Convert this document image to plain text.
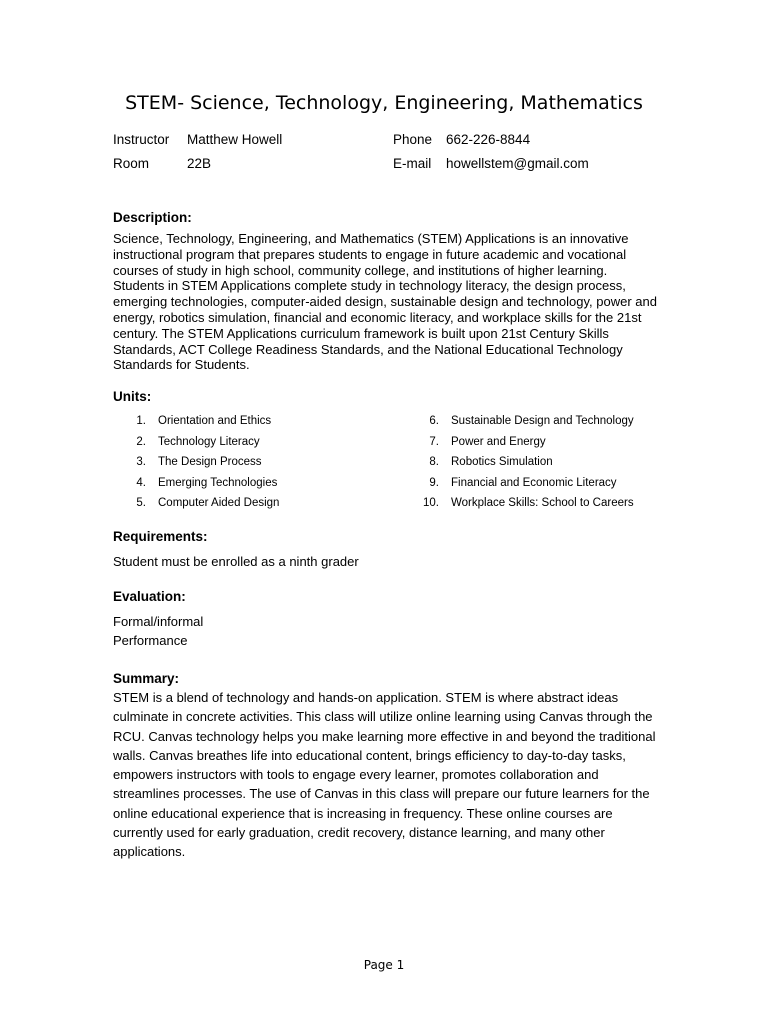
STEM- Science, Technology, Engineering, Mathematics
Instructor Matthew Howell	Phone 662-226-8844
Room	22B	E-mail howellstem@gmail.com

Description:

Science, Technology, Engineering, and Mathematics (STEM) Applications is an innovative instructional program that prepares students to engage in future academic and vocational courses of study in high school, community college, and institutions of higher learning. Students in STEM Applications complete study in technology literacy, the design process, emerging technologies, computer-aided design, sustainable design and technology, power and energy, robotics simulation, financial and economic literacy, and workplace skills for the 21st century. The STEM Applications curriculum framework is built upon 21st Century Skills Standards, ACT College Readiness Standards, and the National Educational Technology Standards for Students.

Units:

1. Orientation and Ethics
2. Technology Literacy
3. The Design Process
4. Emerging Technologies
5. Computer Aided Design
6. Sustainable Design and Technology
7. Power and Energy
8. Robotics Simulation
9. Financial and Economic Literacy
10. Workplace Skills: School to Careers

Requirements:

Student must be enrolled as a ninth grader

Evaluation:

Formal/informal

Performance

Summary:

STEM is a blend of technology and hands-on application. STEM is where abstract ideas culminate in concrete activities. This class will utilize online learning using Canvas through the RCU. Canvas technology helps you make learning more effective in and beyond the traditional walls. Canvas breathes life into educational content, brings efficiency to day-to-day tasks, empowers instructors with tools to engage every learner, promotes collaboration and streamlines processes. The use of Canvas in this class will prepare our future learners for the online educational experience that is increasing in frequency. These online courses are currently used for early graduation, credit recovery, distance learning, and many other applications.

Page 1
